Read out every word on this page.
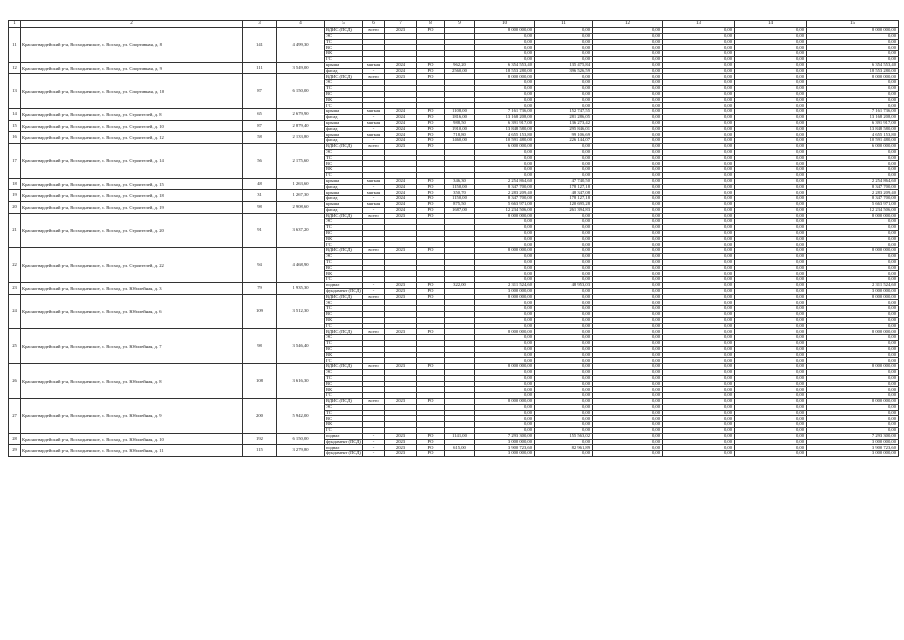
1	2	3	4	5	6	7	8	9	10	11	12	13	14	15
11	Красногвардейский р-н, Восходненское, с. Восход, ул. Спортивная, д. 8	141	4 499,30	ВДИС (ПСД)	всего	2023	РО		8 000 000,00	0,00	0,00	0,00	0,00	8 000 000,00
				ЭС					0,00	0,00	0,00	0,00	0,00	0,00
				ТС					0,00	0,00	0,00	0,00	0,00	0,00
				ВС					0,00	0,00	0,00	0,00	0,00	0,00
				ВК					0,00	0,00	0,00	0,00	0,00	0,00
				ГС					0,00	0,00	0,00	0,00	0,00	0,00
12	Красногвардейский р-н, Восходненское, с. Восход, ул. Спортивная, д. 9	111	3 549,00	крыша	мягкая	2024	РО	962,20	6 354 553,40	135 475,84	0,00	0,00	0,00	6 354 553,40
				фасад	-	2024	РО	2560,00	18 553 280,00	396 526,59	0,00	0,00	0,00	18 553 280,00
13	Красногвардейский р-н, Восходненское, с. Восход, ул. Спортивная, д. 10	87	6 150,00	ВДИС (ПСД)	всего	2023	РО		8 000 000,00	0,00	0,00	0,00	0,00	8 000 000,00
				ЭС					0,00	0,00	0,00	0,00	0,00	0,00
				ТС					0,00	0,00	0,00	0,00	0,00	0,00
				ВС					0,00	0,00	0,00	0,00	0,00	0,00
				ВК					0,00	0,00	0,00	0,00	0,00	0,00
				ГС					0,00	0,00	0,00	0,00	0,00	0,00
14	Красногвардейский р-н, Восходненское, с. Восход, ул. Строителей, д. 8	65	2 679,90	крыша	мягкая	2024	РО	1108,00	7 161 736,00	152 747,55	0,00	0,00	0,00	7 161 736,00
				фасад	-	2024	РО	1816,00	13 168 208,00	281 286,05	0,00	0,00	0,00	13 168 208,00
15	Красногвардейский р-н, Восходненское, с. Восход, ул. Строителей, д. 10	87	2 879,40	крыша	мягкая	2024	РО	988,50	6 391 917,00	136 273,42	0,00	0,00	0,00	6 391 917,00
				фасад	-	2024	РО	1910,00	13 848 580,00	295 846,01	0,00	0,00	0,00	13 848 580,00
16	Красногвардейский р-н, Восходненское, с. Восход, ул. Строителей, д. 12	58	2 133,80	крыша	мягкая	2024	РО	718,80	4 655 153,80	99 106,69	0,00	0,00	0,00	4 655 153,80
				фасад	-	2024	РО	1460,00	10 591 480,00	226 144,07	0,00	0,00	0,00	10 591 480,00
17	Красногвардейский р-н, Восходненское, с. Восход, ул. Строителей, д. 14	56	2 175,60	ВДИС (ПСД)	всего	2023	РО		6 000 000,00	0,00	0,00	0,00	0,00	6 000 000,00
				ЭС					0,00	0,00	0,00	0,00	0,00	0,00
				ТС					0,00	0,00	0,00	0,00	0,00	0,00
				ВС					0,00	0,00	0,00	0,00	0,00	0,00
				ВК					0,00	0,00	0,00	0,00	0,00	0,00
				ГС					0,00	0,00	0,00	0,00	0,00	0,00
18	Красногвардейский р-н, Восходненское, с. Восход, ул. Строителей, д. 15	48	1 263,60	крыша	мягкая	2024	РО	346,30	2 254 864,60	47 740,50	0,00	0,00	0,00	2 254 864,60
				фасад	-	2024	РО	1150,00	8 347 700,00	178 127,18	0,00	0,00	0,00	8 347 700,00
19	Красногвардейский р-н, Восходненское, с. Восход, ул. Строителей, д. 18	31	1 267,30	крыша	мягкая	2024	РО	350,70	2 283 209,40	48 347,08	0,00	0,00	0,00	2 283 209,40
				фасад	-	2024	РО	1150,00	8 347 700,00	178 127,18	0,00	0,00	0,00	8 347 700,00
20	Красногвардейский р-н, Восходненское, с. Восход, ул. Строителей, д. 19	98	2 908,60	крыша	мягкая	2024	РО	875,50	5 663 971,00	120 695,28	0,00	0,00	0,00	5 663 971,00
				фасад	-	2024	РО	1687,00	12 234 506,00	261 394,83	0,00	0,00	0,00	12 234 506,00
21	Красногвардейский р-н, Восходненское, с. Восход, ул. Строителей, д. 20	91	3 637,20	ВДИС (ПСД)	всего	2023	РО		8 000 000,00	0,00	0,00	0,00	0,00	8 000 000,00
				ЭС					0,00	0,00	0,00	0,00	0,00	0,00
				ТС					0,00	0,00	0,00	0,00	0,00	0,00
				ВС					0,00	0,00	0,00	0,00	0,00	0,00
				ВК					0,00	0,00	0,00	0,00	0,00	0,00
				ГС					0,00	0,00	0,00	0,00	0,00	0,00
22	Красногвардейский р-н, Восходненское, с. Восход, ул. Строителей, д. 22	94	4 468,90	ВДИС (ПСД)	всего	2023	РО		8 000 000,00	0,00	0,00	0,00	0,00	8 000 000,00
				ЭС					0,00	0,00	0,00	0,00	0,00	0,00
				ТС					0,00	0,00	0,00	0,00	0,00	0,00
				ВС					0,00	0,00	0,00	0,00	0,00	0,00
				ВК					0,00	0,00	0,00	0,00	0,00	0,00
				ГС					0,00	0,00	0,00	0,00	0,00	0,00
23	Красногвардейский р-н, Восходненское, с. Восход, ул. Юбилейная, д. 3	79	1 935,30	подвал	-	2023	РО	322,00	2 311 524,60	48 953,03	0,00	0,00	0,00	2 311 524,60
				фундамент (ПСД)	-	2023	РО		3 000 000,00	0,00	0,00	0,00	0,00	3 000 000,00
24	Красногвардейский р-н, Восходненское, с. Восход, ул. Юбилейная, д. 6	109	3 512,30	ВДИС (ПСД)	всего	2023	РО		8 000 000,00	0,00	0,00	0,00	0,00	8 000 000,00
				ЭС					0,00	0,00	0,00	0,00	0,00	0,00
				ТС					0,00	0,00	0,00	0,00	0,00	0,00
				ВС					0,00	0,00	0,00	0,00	0,00	0,00
				ВК					0,00	0,00	0,00	0,00	0,00	0,00
				ГС					0,00	0,00	0,00	0,00	0,00	0,00
25	Красногвардейский р-н, Восходненское, с. Восход, ул. Юбилейная, д. 7	98	3 546,40	ВДИС (ПСД)	всего	2023	РО		8 000 000,00	0,00	0,00	0,00	0,00	8 000 000,00
				ЭС					0,00	0,00	0,00	0,00	0,00	0,00
				ТС					0,00	0,00	0,00	0,00	0,00	0,00
				ВС					0,00	0,00	0,00	0,00	0,00	0,00
				ВК					0,00	0,00	0,00	0,00	0,00	0,00
				ГС					0,00	0,00	0,00	0,00	0,00	0,00
26	Красногвардейский р-н, Восходненское, с. Восход, ул. Юбилейная, д. 8	108	3 616,30	ВДИС (ПСД)	всего	2023	РО		8 000 000,00	0,00	0,00	0,00	0,00	8 000 000,00
				ЭС					0,00	0,00	0,00	0,00	0,00	0,00
				ТС					0,00	0,00	0,00	0,00	0,00	0,00
				ВС					0,00	0,00	0,00	0,00	0,00	0,00
				ВК					0,00	0,00	0,00	0,00	0,00	0,00
				ГС					0,00	0,00	0,00	0,00	0,00	0,00
27	Красногвардейский р-н, Восходненское, с. Восход, ул. Юбилейная, д. 9	200	5 942,00	ВДИС (ПСД)	всего	2023	РО		8 000 000,00	0,00	0,00	0,00	0,00	8 000 000,00
				ЭС					0,00	0,00	0,00	0,00	0,00	0,00
				ТС					0,00	0,00	0,00	0,00	0,00	0,00
				ВС					0,00	0,00	0,00	0,00	0,00	0,00
				ВК					0,00	0,00	0,00	0,00	0,00	0,00
				ГС					0,00	0,00	0,00	0,00	0,00	0,00
28	Красногвардейский р-н, Восходненское, с. Восход, ул. Юбилейная, д. 10	192	6 150,00	подвал	-	2023	РО	1141,00	7 293 300,00	155 563,02	0,00	0,00	0,00	7 293 300,00
				фундамент (ПСД)	-	2023	РО		3 000 000,00	0,00	0,00	0,00	0,00	3 000 000,00
29	Красногвардейский р-н, Восходненское, с. Восход, ул. Юбилейная, д. 11	115	3 279,80	подвал	-	2023	РО	615,00	3 900 723,60	82 961,89	0,00	0,00	0,00	3 900 723,60
				фундамент (ПСД)	-	2023	РО		3 000 000,00	0,00	0,00	0,00	0,00	3 000 000,00
